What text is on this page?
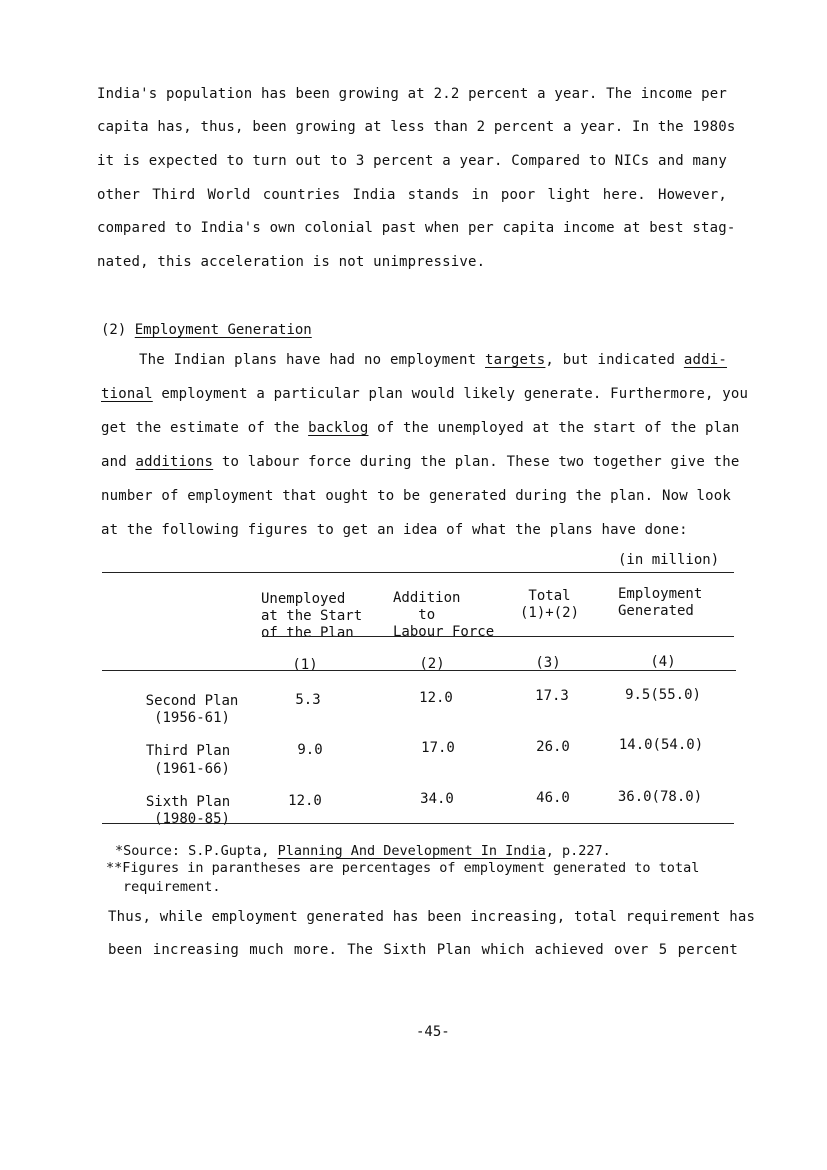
India's population has been growing at 2.2 percent a year. The income per
capita has, thus, been growing at less than 2 percent a year. In the 1980s
it is expected to turn out to 3 percent a year. Compared to NICs and many
other Third World countries India stands in poor light here. However,
compared to India's own colonial past when per capita income at best stag-
nated, this acceleration is not unimpressive.
(2) Employment Generation
The Indian plans have had no employment targets, but indicated addi-
tional employment a particular plan would likely generate. Furthermore, you
get the estimate of the backlog of the unemployed at the start of the plan
and additions to labour force during the plan. These two together give the
number of employment that ought to be generated during the plan. Now look
at the following figures to get an idea of what the plans have done:
(in million)
Unemployed
at the Start
of the Plan
Addition
to
Labour Force
Total
(1)+(2)
Employment
Generated
(1)	(2)	(3)	(4)
Second Plan
(1956-61)
5.3	12.0	17.3	9.5(55.0)
Third Plan
(1961-66)
9.0	17.0	26.0	14.0(54.0)
Sixth Plan
(1980-85)
12.0	34.0	46.0	36.0(78.0)
*Source: S.P.Gupta, Planning And Development In India, p.227.
**Figures in parantheses are percentages of employment generated to total
requirement.
Thus, while employment generated has been increasing, total requirement has
been increasing much more. The Sixth Plan which achieved over 5 percent
-45-
